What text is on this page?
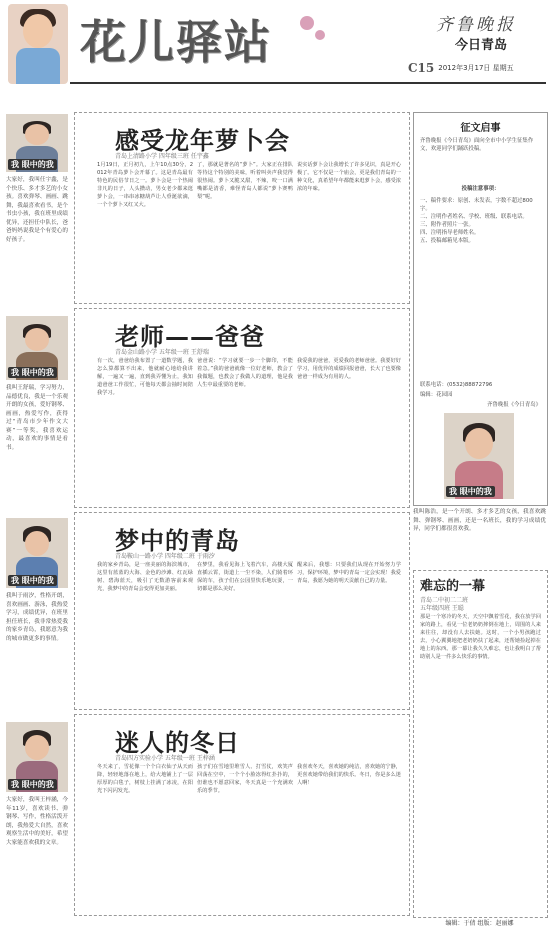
花儿驿站	齐鲁晚报
今日青岛
C15 2012年3月17日 星期五
我 眼中的我
大家好，我叫任宇鑫，是个快乐、多才多艺的小女孩。喜欢弹琴、画画、跳舞，我最喜欢看书，是个书虫小孩，我在班里成绩优异，还担任中队长，爸爸妈妈说我是个有爱心的好孩子。
感受龙年萝卜会
青岛上清路小学 四年级三班 任宇鑫
1月19日，正月初九，上午10点30分，2012年青岛萝卜会开幕了。这是青岛最有特色的民俗节日之一。萝卜会是一个热闹非凡的日子，人头攒动，男女老少都来逛萝卜会，一串串冰糖葫芦让人垂涎欲滴，一个个萝卜又红又大。
了，那就是著名的“萝卜”。大家正在排队等待这个特别的美味，听着叫卖声我觉得很热闹。萝卜又脆又甜，不辣，咬一口满嘴都是清香，难怪青岛人都说“萝卜赛鸭梨”呢。
说实话萝卜会让我增长了许多见识，真是开心极了。它不仅是一个庙会，更是我们青岛的一种文化，真希望年年都能来逛萝卜会，感受浓浓的年味。
我 眼中的我
我叫王舒瑞，学习努力，品德优良，我是一个乐观开朗的女孩，爱好钢琴、画画，热爱写作，获得过“青岛市少年作文大赛”一等奖，我喜欢运动，最喜欢的事情是看书。
老师——爸爸
青岛金山路小学 五年级一班 王舒瑞
有一次，爸爸给我布置了一道数学题，我怎么算都算不出来，他就耐心地给我讲解，一遍又一遍，直到我弄懂为止，我知道爸爸工作很忙，可他每天都会抽时间陪我学习。
爸爸说：“学习就要一步一个脚印，不能着急。”我的爸爸就像一位好老师，教会了我做题，也教会了我做人的道理，他是我人生中最重要的老师。
我爱我的爸爸，更爱我的老师爸爸。我要好好学习，用优异的成绩回报爸爸，长大了也要像爸爸一样成为有用的人。
我 眼中的我
我叫于雨汐，性格开朗，喜欢画画、游泳，我热爱学习，成绩优异，在班里担任班长，我非常热爱我的家乡青岛，我愿意为我的城市做更多的事情。
梦中的青岛
青岛鞍山一路小学 四年级二班 于雨汐
我的家乡青岛，是一座美丽的海滨城市，这里有蓝蓝的大海、金色的沙滩、红瓦绿树、碧海蓝天，吸引了无数游客前来观光，我梦中的青岛会变得更加美丽。
在梦里，我看见海上飞着汽车，高楼大厦直插云霄，街道上一尘不染，人们骑着环保的车，孩子们在公园里快乐地玩耍，一切都是那么美好。
醒来后，我想：只要我们从现在开始努力学习，保护环境，梦中的青岛一定会实现！我爱青岛，我愿为她的明天贡献自己的力量。
我 眼中的我
大家好，我叫王梓涵，今年11岁，喜欢读书、弹钢琴、写作，性格活泼开朗，我热爱大自然，喜欢观察生活中的美好，希望大家能喜欢我的文章。
迷人的冬日
青岛四方实验小学 五年级一班 王梓涵
冬天来了，雪花像一个个白衣仙子从天而降，轻轻地落在地上，给大地铺上了一层厚厚的白毯子，树枝上挂满了冰凌，在阳光下闪闪发光。
孩子们在雪地里堆雪人、打雪仗，欢笑声回荡在空中，一个个小脸冻得红扑扑的，但谁也不愿意回家，冬天真是一个充满欢乐的季节。
我喜欢冬天，喜欢她的纯洁，喜欢她的宁静，更喜欢她带给我们的快乐。冬日，你是多么迷人啊！
征文启事
齐鲁晚报《今日青岛》面向全市中小学生征集作文，欢迎同学们踊跃投稿。
投稿注意事项：
一、稿件要求：原创、未发表，字数不超过800字。
二、注明作者姓名、学校、班级、联系电话。
三、附作者照片一张。
四、注明指导老师姓名。
五、投稿邮箱见本版。
联系电话：(0532)88872796
编辑：花园园
齐鲁晚报《今日青岛》
我 眼中的我
我叫陈浩，是一个开朗、多才多艺的女孩，我喜欢跳舞、弹钢琴、画画，还是一名班长，我的学习成绩优异，同学们都很喜欢我。
难忘的一幕
青岛二中初二二班
五年级四班 王聪
那是一个寒冷的冬天，天空中飘着雪花，我在放学回家的路上，看见一位老奶奶摔倒在地上，周围的人来来往往，却没有人去扶她。这时，一个小男孩跑过去，小心翼翼地把老奶奶扶了起来，还帮她捡起掉在地上的东西。那一幕让我久久难忘，也让我明白了帮助别人是一件多么快乐的事情。
编辑：于倩 组版：赵丽娜
